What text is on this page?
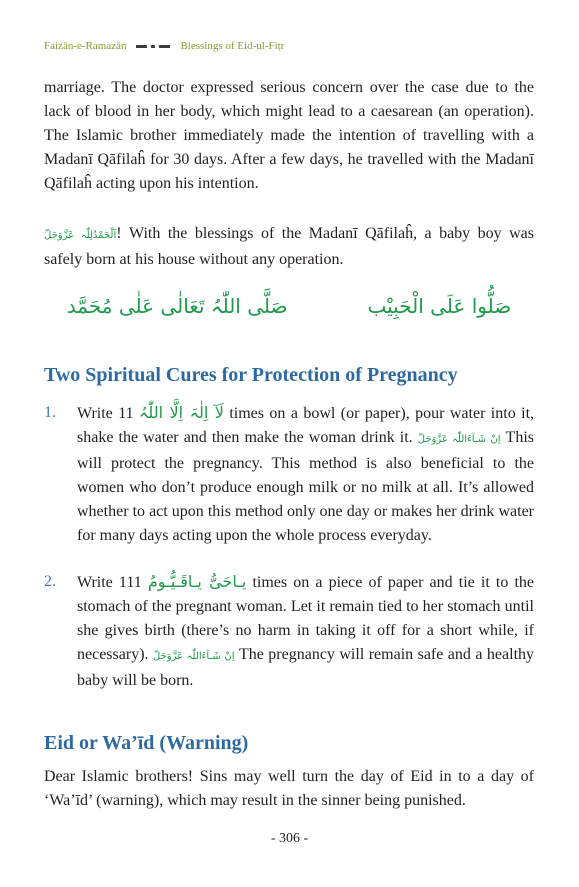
Faizān-e-Ramazān	Blessings of Eid-ul-Fiṭr

marriage. The doctor expressed serious concern over the case due to the lack of blood in her body, which might lead to a caesarean (an operation). The Islamic brother immediately made the intention of travelling with a Madanī Qāfilaĥ for 30 days. After a few days, he travelled with the Madanī Qāfilaĥ acting upon his intention.

اَلْحَمْدُلِلّٰہ عَزَّوَجَلّ! With the blessings of the Madanī Qāfilaĥ, a baby boy was safely born at his house without any operation.

صَلُّوا عَلَی الْحَبِیْب
صَلَّی اللّٰہُ تَعَالٰی عَلٰی مُحَمَّد
Two Spiritual Cures for Protection of Pregnancy
1.	Write لَآ اِلٰہَ اِلَّا اللّٰہُ 11 times on a bowl (or paper), pour water into it, shake the water and then make the woman drink it. اِنْ شَـآءَاللّٰہ عَزَّوَجَلّ This will protect the pregnancy. This method is also beneficial to the women who don’t produce enough milk or no milk at all. It’s allowed whether to act upon this method only one day or makes her drink water for many days acting upon the whole process everyday.

2.	Write یـاحَیُّ یـاقَـیُّـومُ 111 times on a piece of paper and tie it to the stomach of the pregnant woman. Let it remain tied to her stomach until she gives birth (there’s no harm in taking it off for a short while, if necessary). اِنْ شَـآءَاللّٰہ عَزَّوَجَلّ The pregnancy will remain safe and a healthy baby will be born.

Eid or Wa’īd (Warning)

Dear Islamic brothers! Sins may well turn the day of Eid in to a day of ‘Wa’īd’ (warning), which may result in the sinner being punished.

- 306 -
